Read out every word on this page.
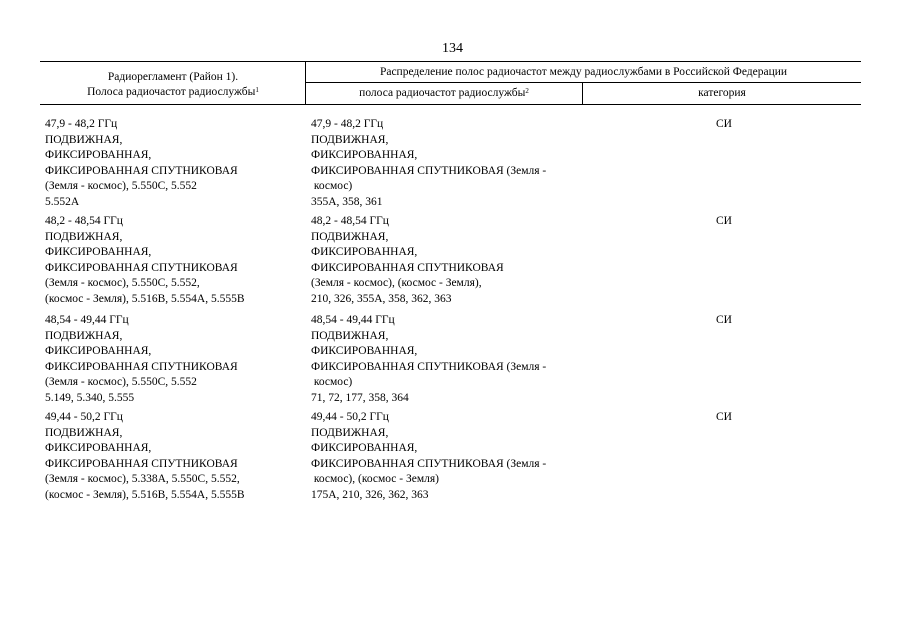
134
Радиорегламент (Район 1).
Полоса радиочастот радиослужбы$^1$
Распределение полос радиочастот между радиослужбами в Российской Федерации
полоса радиочастот радиослужбы$^2$	категория
47,9 - 48,2 ГГц
ПОДВИЖНАЯ,
ФИКСИРОВАННАЯ,
ФИКСИРОВАННАЯ СПУТНИКОВАЯ
(Земля - космос), 5.550C, 5.552
5.552A
47,9 - 48,2 ГГц
ПОДВИЖНАЯ,
ФИКСИРОВАННАЯ,
ФИКСИРОВАННАЯ СПУТНИКОВАЯ (Земля -
космос)
355А, 358, 361
СИ
48,2 - 48,54 ГГц
ПОДВИЖНАЯ,
ФИКСИРОВАННАЯ,
ФИКСИРОВАННАЯ СПУТНИКОВАЯ
(Земля - космос), 5.550C, 5.552,
(космос - Земля), 5.516B, 5.554A, 5.555B
48,2 - 48,54 ГГц
ПОДВИЖНАЯ,
ФИКСИРОВАННАЯ,
ФИКСИРОВАННАЯ СПУТНИКОВАЯ
(Земля - космос), (космос - Земля),
210, 326, 355А, 358, 362, 363
СИ
48,54 - 49,44 ГГц
ПОДВИЖНАЯ,
ФИКСИРОВАННАЯ,
ФИКСИРОВАННАЯ СПУТНИКОВАЯ
(Земля - космос), 5.550C, 5.552
5.149, 5.340, 5.555
48,54 - 49,44 ГГц
ПОДВИЖНАЯ,
ФИКСИРОВАННАЯ,
ФИКСИРОВАННАЯ СПУТНИКОВАЯ (Земля -
космос)
71, 72, 177, 358, 364
СИ
49,44 - 50,2 ГГц
ПОДВИЖНАЯ,
ФИКСИРОВАННАЯ,
ФИКСИРОВАННАЯ СПУТНИКОВАЯ
(Земля - космос), 5.338A, 5.550C, 5.552,
(космос - Земля), 5.516B, 5.554A, 5.555B
49,44 - 50,2 ГГц
ПОДВИЖНАЯ,
ФИКСИРОВАННАЯ,
ФИКСИРОВАННАЯ СПУТНИКОВАЯ (Земля -
космос), (космос - Земля)
175А, 210, 326, 362, 363
СИ
